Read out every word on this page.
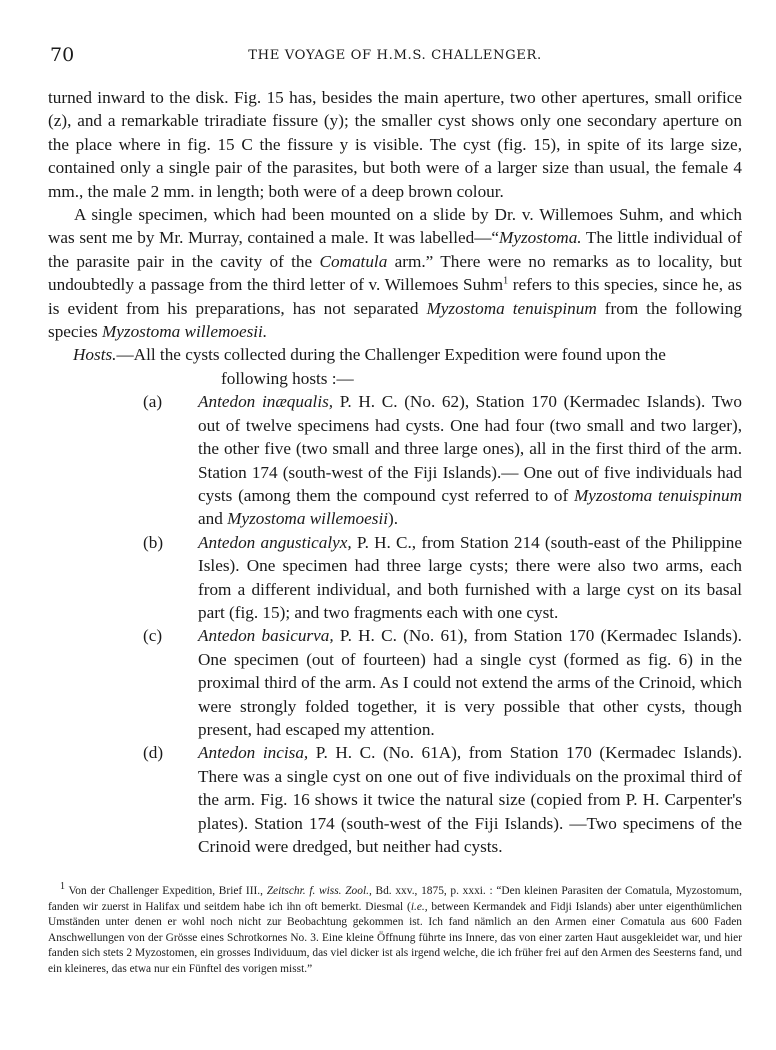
70	THE VOYAGE OF H.M.S. CHALLENGER.

turned inward to the disk. Fig. 15 has, besides the main aperture, two other apertures, small orifice (z), and a remarkable triradiate fissure (y); the smaller cyst shows only one secondary aperture on the place where in fig. 15 C the fissure y is visible. The cyst (fig. 15), in spite of its large size, contained only a single pair of the parasites, but both were of a larger size than usual, the female 4 mm., the male 2 mm. in length; both were of a deep brown colour.

A single specimen, which had been mounted on a slide by Dr. v. Willemoes Suhm, and which was sent me by Mr. Murray, contained a male. It was labelled—“Myzostoma. The little individual of the parasite pair in the cavity of the Comatula arm.” There were no remarks as to locality, but undoubtedly a passage from the third letter of v. Willemoes Suhm$^1$ refers to this species, since he, as is evident from his preparations, has not separated Myzostoma tenuispinum from the following species Myzostoma willemoesii.

Hosts.—All the cysts collected during the Challenger Expedition were found upon the
following hosts :—

(a) Antedon inæqualis, P. H. C. (No. 62), Station 170 (Kermadec Islands). Two out of twelve specimens had cysts. One had four (two small and two larger), the other five (two small and three large ones), all in the first third of the arm. Station 174 (south-west of the Fiji Islands).— One out of five individuals had cysts (among them the compound cyst referred to of Myzostoma tenuispinum and Myzostoma willemoesii).

(b) Antedon angusticalyx, P. H. C., from Station 214 (south-east of the Philippine Isles). One specimen had three large cysts; there were also two arms, each from a different individual, and both furnished with a large cyst on its basal part (fig. 15); and two fragments each with one cyst.

(c) Antedon basicurva, P. H. C. (No. 61), from Station 170 (Kermadec Islands). One specimen (out of fourteen) had a single cyst (formed as fig. 6) in the proximal third of the arm. As I could not extend the arms of the Crinoid, which were strongly folded together, it is very possible that other cysts, though present, had escaped my attention.

(d) Antedon incisa, P. H. C. (No. 61A), from Station 170 (Kermadec Islands). There was a single cyst on one out of five individuals on the proximal third of the arm. Fig. 16 shows it twice the natural size (copied from P. H. Carpenter's plates). Station 174 (south-west of the Fiji Islands). —Two specimens of the Crinoid were dredged, but neither had cysts.

$^1$ Von der Challenger Expedition, Brief III., Zeitschr. f. wiss. Zool., Bd. xxv., 1875, p. xxxi. : “Den kleinen Parasiten der Comatula, Myzostomum, fanden wir zuerst in Halifax und seitdem habe ich ihn oft bemerkt. Diesmal (i.e., between Kermandek and Fidji Islands) aber unter eigenthümlichen Umständen unter denen er wohl noch nicht zur Beobachtung gekommen ist. Ich fand nämlich an den Armen einer Comatula aus 600 Faden Anschwellungen von der Grösse eines Schrotkornes No. 3. Eine kleine Öffnung führte ins Innere, das von einer zarten Haut ausgekleidet war, und hier fanden sich stets 2 Myzostomen, ein grosses Individuum, das viel dicker ist als irgend welche, die ich früher frei auf den Armen des Seesterns fand, und ein kleineres, das etwa nur ein Fünftel des vorigen misst.”
